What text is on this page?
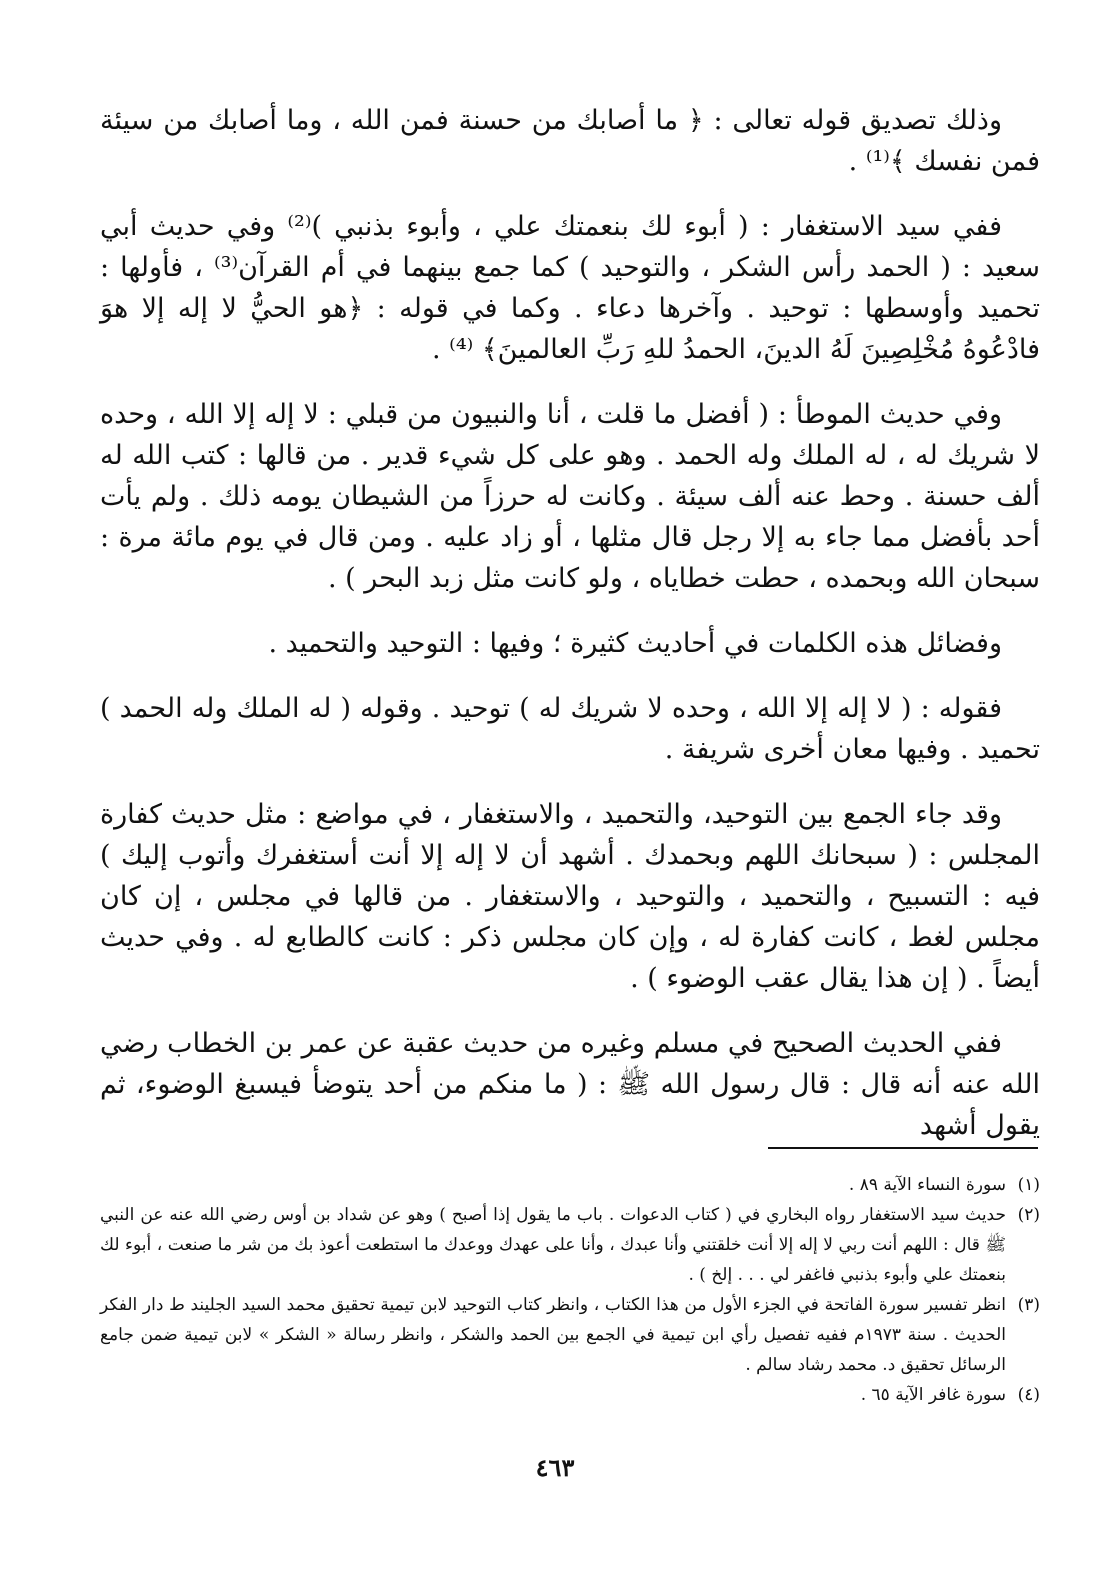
وذلك تصديق قوله تعالى : ﴿ ما أصابك من حسنة فمن الله ، وما أصابك من سيئة فمن نفسك ﴾⁽¹⁾ .

ففي سيد الاستغفار : ( أبوء لك بنعمتك علي ، وأبوء بذنبي )⁽²⁾ وفي حديث أبي سعيد : ( الحمد رأس الشكر ، والتوحيد ) كما جمع بينهما في أم القرآن⁽³⁾ ، فأولها : تحميد وأوسطها : توحيد . وآخرها دعاء . وكما في قوله : ﴿هو الحيُّ لا إله إلا هوَ فادْعُوهُ مُخْلِصِينَ لَهُ الدينَ، الحمدُ للهِ رَبِّ العالمينَ﴾ ⁽⁴⁾ .

وفي حديث الموطأ : ( أفضل ما قلت ، أنا والنبيون من قبلي : لا إله إلا الله ، وحده لا شريك له ، له الملك وله الحمد . وهو على كل شيء قدير . من قالها : كتب الله له ألف حسنة . وحط عنه ألف سيئة . وكانت له حرزاً من الشيطان يومه ذلك . ولم يأت أحد بأفضل مما جاء به إلا رجل قال مثلها ، أو زاد عليه . ومن قال في يوم مائة مرة : سبحان الله وبحمده ، حطت خطاياه ، ولو كانت مثل زبد البحر ) .

وفضائل هذه الكلمات في أحاديث كثيرة ؛ وفيها : التوحيد والتحميد .

فقوله : ( لا إله إلا الله ، وحده لا شريك له ) توحيد . وقوله ( له الملك وله الحمد ) تحميد . وفيها معان أخرى شريفة .

وقد جاء الجمع بين التوحيد، والتحميد ، والاستغفار ، في مواضع : مثل حديث كفارة المجلس : ( سبحانك اللهم وبحمدك . أشهد أن لا إله إلا أنت أستغفرك وأتوب إليك ) فيه : التسبيح ، والتحميد ، والتوحيد ، والاستغفار . من قالها في مجلس ، إن كان مجلس لغط ، كانت كفارة له ، وإن كان مجلس ذكر : كانت كالطابع له . وفي حديث أيضاً . ( إن هذا يقال عقب الوضوء ) .

ففي الحديث الصحيح في مسلم وغيره من حديث عقبة عن عمر بن الخطاب رضي الله عنه أنه قال : قال رسول الله ﷺ : ( ما منكم من أحد يتوضأ فيسبغ الوضوء، ثم يقول أشهد

(١)
سورة النساء الآية ٨٩ .
(٢)
حديث سيد الاستغفار رواه البخاري في ( كتاب الدعوات . باب ما يقول إذا أصبح ) وهو عن شداد بن أوس رضي الله عنه عن النبي ﷺ قال : اللهم أنت ربي لا إله إلا أنت خلقتني وأنا عبدك ، وأنا على عهدك ووعدك ما استطعت أعوذ بك من شر ما صنعت ، أبوء لك بنعمتك علي وأبوء بذنبي فاغفر لي . . . إلخ ) .
(٣)
انظر تفسير سورة الفاتحة في الجزء الأول من هذا الكتاب ، وانظر كتاب التوحيد لابن تيمية تحقيق محمد السيد الجليند ط دار الفكر الحديث . سنة ١٩٧٣م ففيه تفصيل رأي ابن تيمية في الجمع بين الحمد والشكر ، وانظر رسالة « الشكر » لابن تيمية ضمن جامع الرسائل تحقيق د. محمد رشاد سالم .
(٤)
سورة غافر الآية ٦٥ .
٤٦٣
